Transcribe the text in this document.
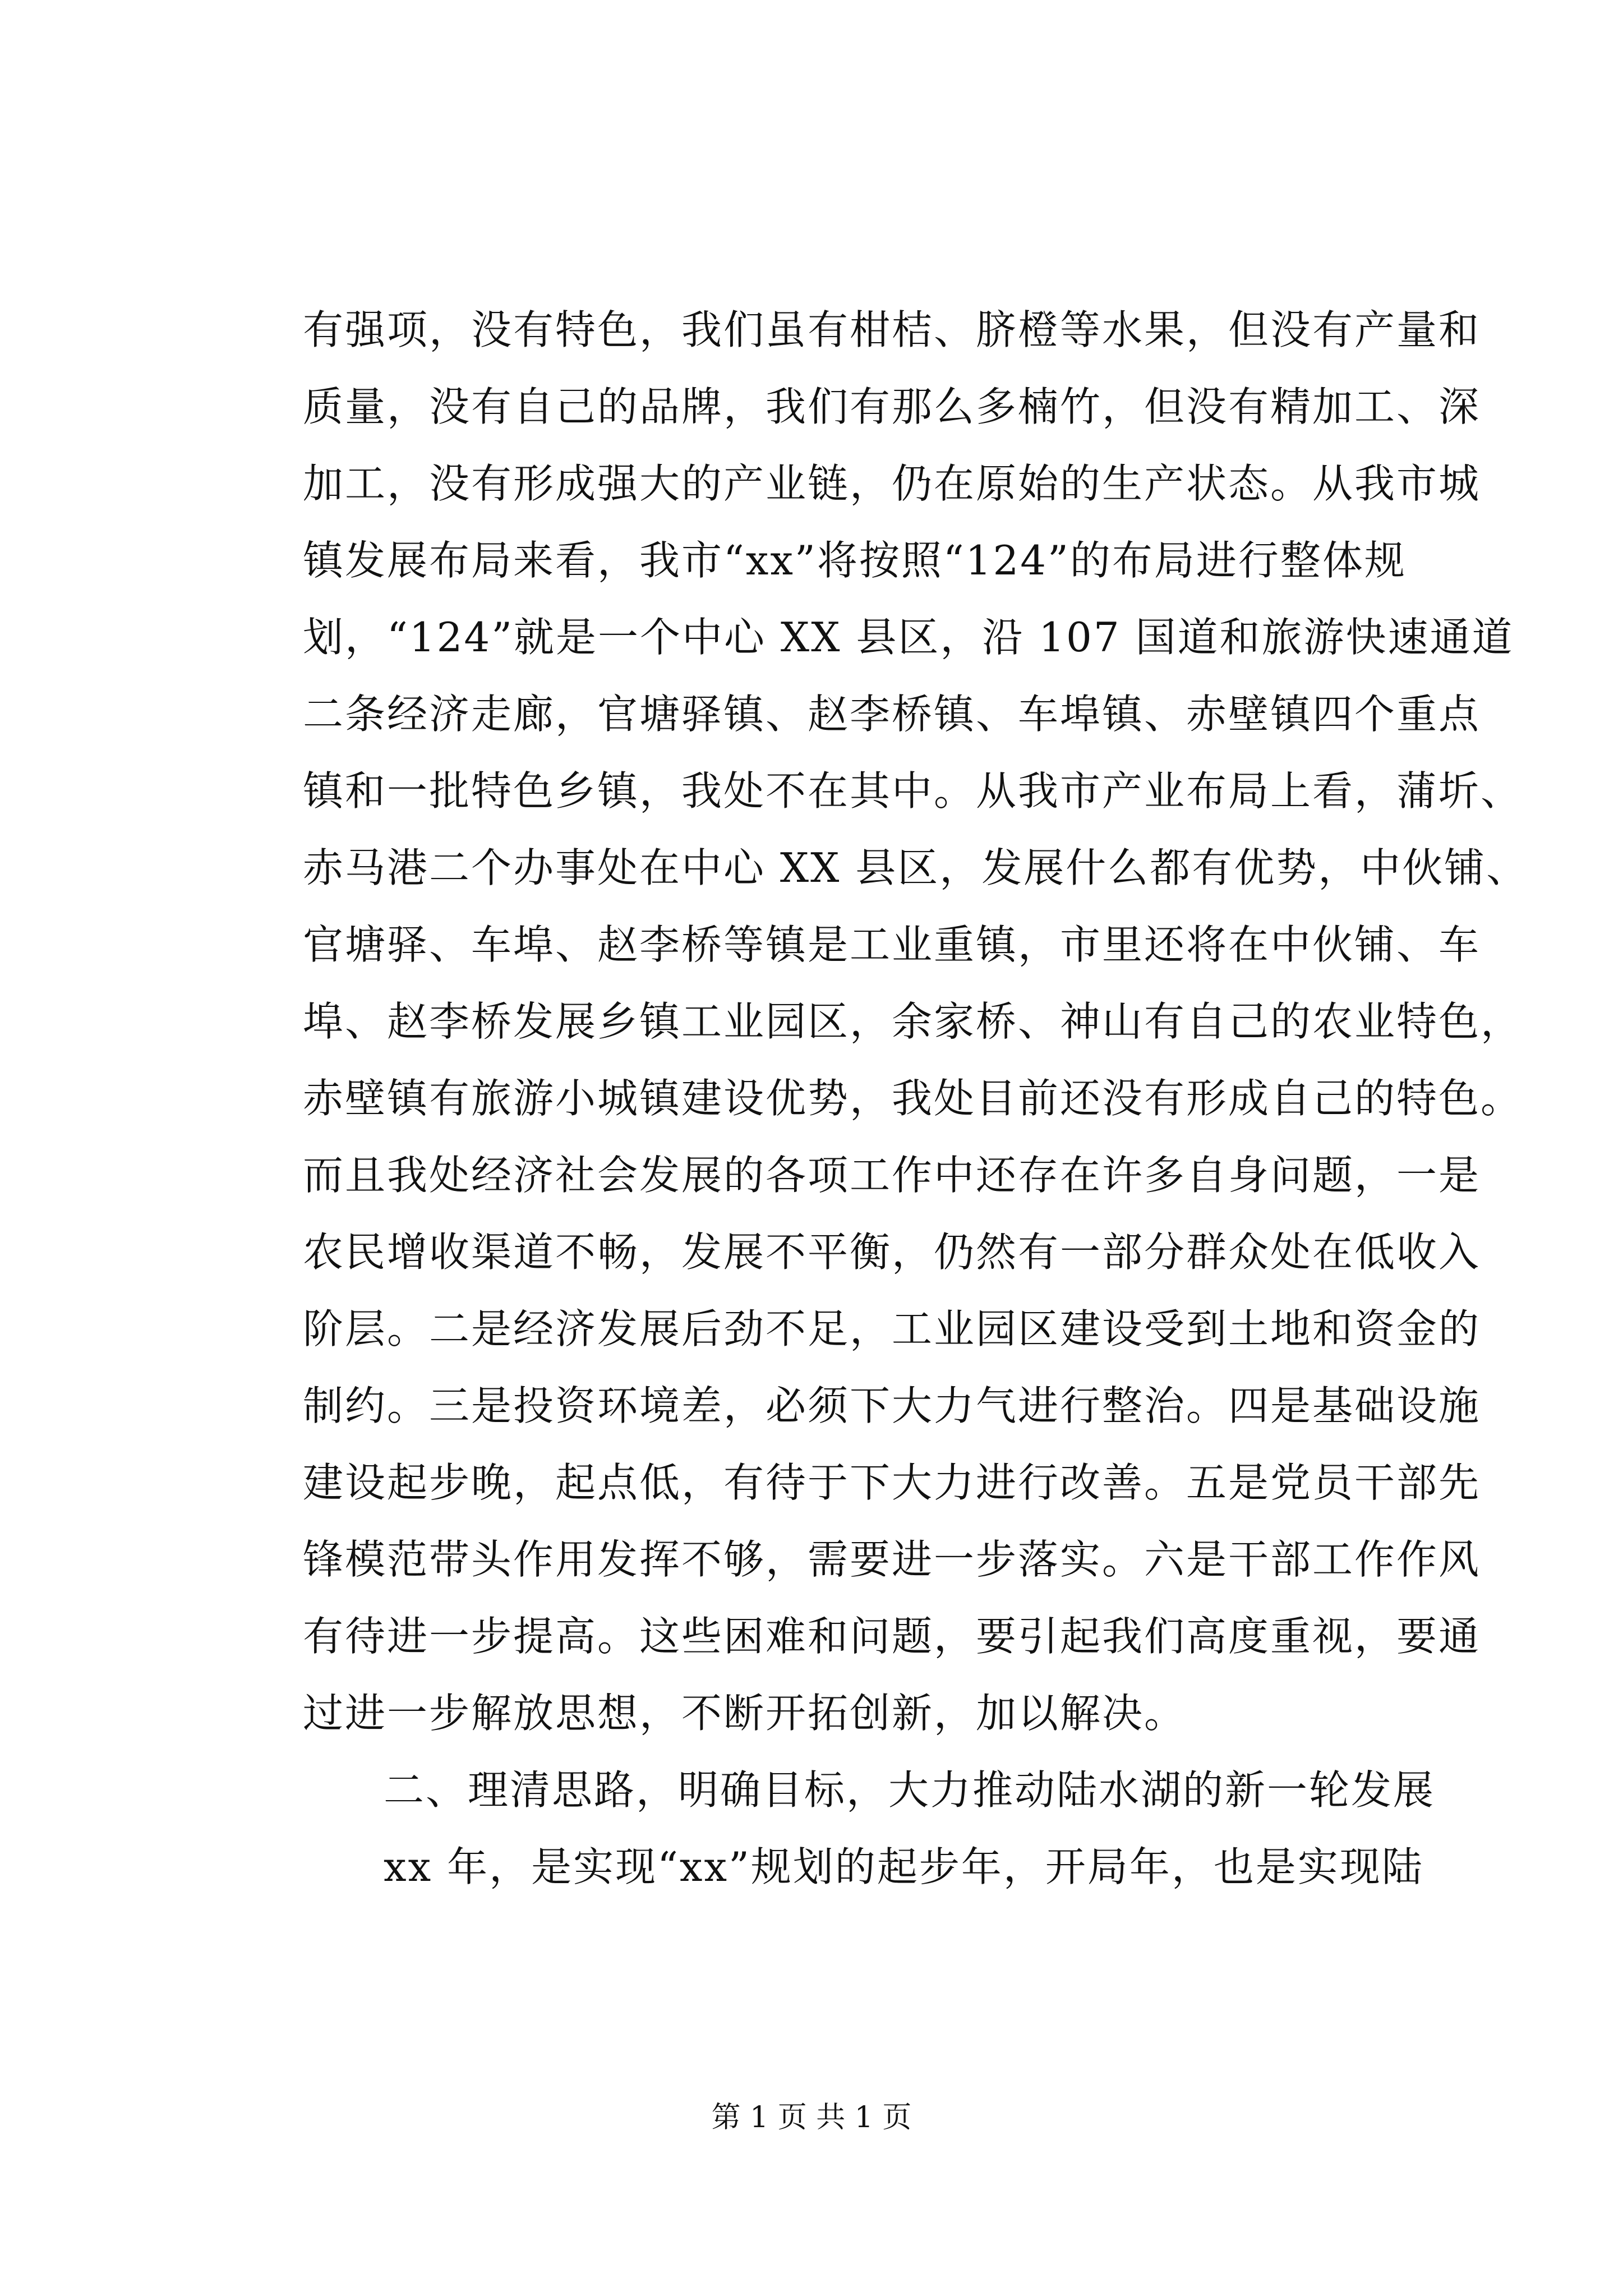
有强项，没有特色，我们虽有柑桔、脐橙等水果，但没有产量和
质量，没有自己的品牌，我们有那么多楠竹，但没有精加工、深
加工，没有形成强大的产业链，仍在原始的生产状态。从我市城
镇发展布局来看，我市“xx”将按照“124”的布局进行整体规
划，“124”就是一个中心 XX 县区，沿 107 国道和旅游快速通道
二条经济走廊，官塘驿镇、赵李桥镇、车埠镇、赤壁镇四个重点
镇和一批特色乡镇，我处不在其中。从我市产业布局上看，蒲圻、
赤马港二个办事处在中心 XX 县区，发展什么都有优势，中伙铺、
官塘驿、车埠、赵李桥等镇是工业重镇，市里还将在中伙铺、车
埠、赵李桥发展乡镇工业园区，余家桥、神山有自己的农业特色，
赤壁镇有旅游小城镇建设优势，我处目前还没有形成自己的特色。
而且我处经济社会发展的各项工作中还存在许多自身问题，一是
农民增收渠道不畅，发展不平衡，仍然有一部分群众处在低收入
阶层。二是经济发展后劲不足，工业园区建设受到土地和资金的
制约。三是投资环境差，必须下大力气进行整治。四是基础设施
建设起步晚，起点低，有待于下大力进行改善。五是党员干部先
锋模范带头作用发挥不够，需要进一步落实。六是干部工作作风
有待进一步提高。这些困难和问题，要引起我们高度重视，要通
过进一步解放思想，不断开拓创新，加以解决。
二、理清思路，明确目标，大力推动陆水湖的新一轮发展
xx 年，是实现“xx”规划的起步年，开局年，也是实现陆
第 1 页 共 1 页
